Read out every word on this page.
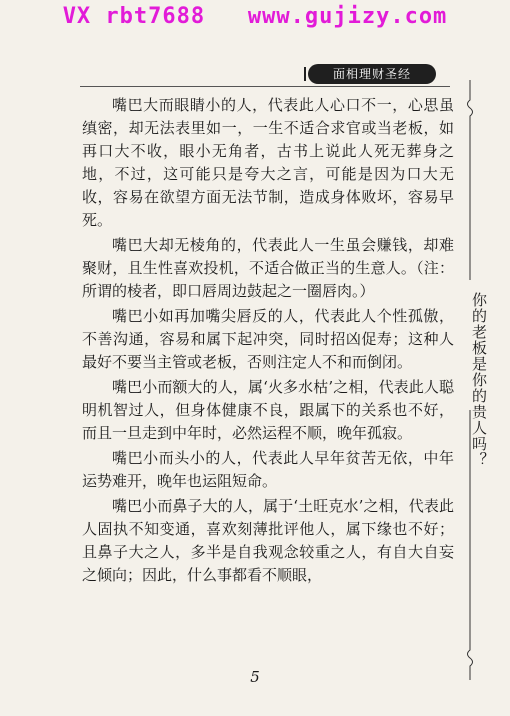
VX rbt7688   www.gujizy.com
面相理财圣经
你的老板是你的贵人吗？

嘴巴大而眼睛小的人，代表此人心口不一，心思虽缜密，却无法表里如一，一生不适合求官或当老板，如再口大不收，眼小无角者，古书上说此人死无葬身之地，不过，这可能只是夸大之言，可能是因为口大无收，容易在欲望方面无法节制，造成身体败坏，容易早死。

嘴巴大却无棱角的，代表此人一生虽会赚钱，却难聚财，且生性喜欢投机，不适合做正当的生意人。（注：所谓的棱者，即口唇周边鼓起之一圈唇肉。）

嘴巴小如再加嘴尖唇反的人，代表此人个性孤傲，不善沟通，容易和属下起冲突，同时招凶促寿；这种人最好不要当主管或老板，否则注定人不和而倒闭。

嘴巴小而额大的人，属‘火多水枯’之相，代表此人聪明机智过人，但身体健康不良，跟属下的关系也不好，而且一旦走到中年时，必然运程不顺，晚年孤寂。

嘴巴小而头小的人，代表此人早年贫苦无依，中年运势难开，晚年也运阻短命。

嘴巴小而鼻子大的人，属于‘土旺克水’之相，代表此人固执不知变通，喜欢刻薄批评他人，属下缘也不好；且鼻子大之人，多半是自我观念较重之人，有自大自妄之倾向；因此，什么事都看不顺眼，

5
